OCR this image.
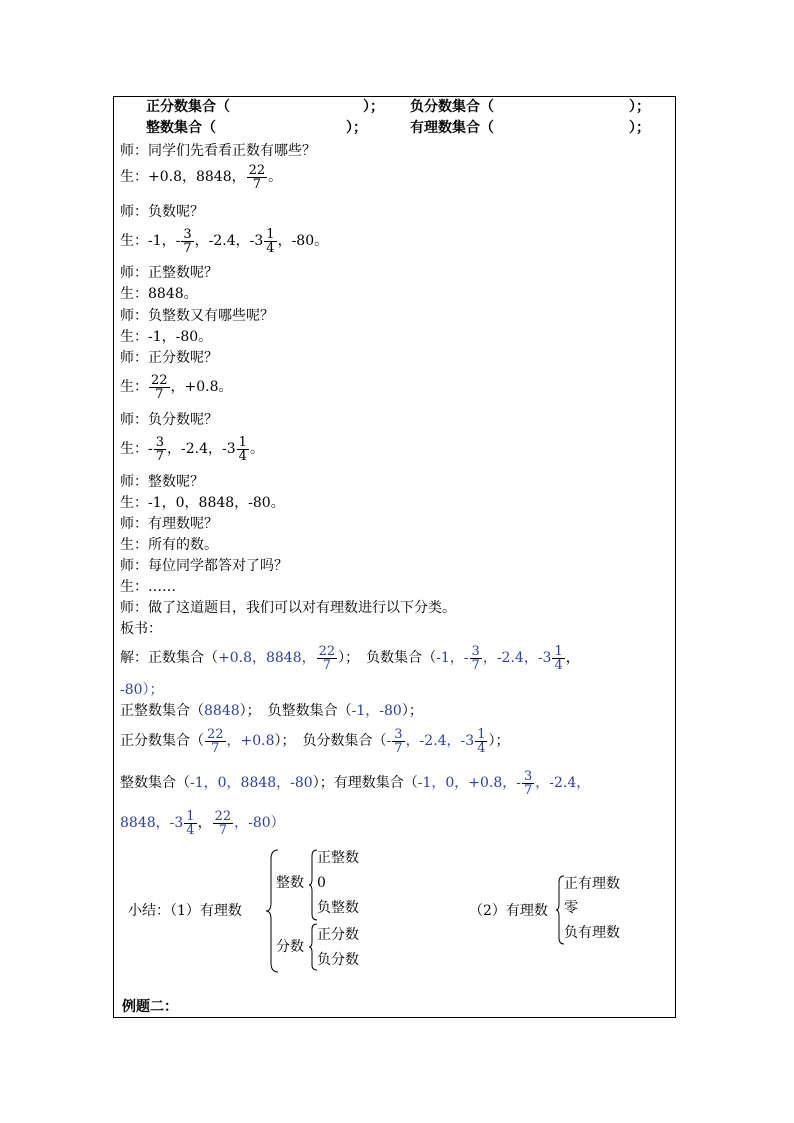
正分数集合（	）； 负分数集合（	）；
整数集合（	）；	有理数集合（	）；
师：同学们先看看正数有哪些？
生：+0.8，8848， $\frac{22}{7}$ 。
师：负数呢？
生：-1，- $\frac{3}{7}$ ，-2.4，$-3 \frac{1}{4}$ ，-80。
师：正整数呢？
生：8848。
师：负整数又有哪些呢？
生：-1，-80。
师：正分数呢？
生： $\frac{22}{7}$ ，+0.8。
师：负分数呢？
生：- $\frac{3}{7}$ ，-2.4，$-3 \frac{1}{4}$ 。
师：整数呢？
生：-1，0，8848，-80。
师：有理数呢？
生：所有的数。
师：每位同学都答对了吗？
生：……
师：做了这道题目，我们可以对有理数进行以下分类。
板书：
解：正数集合（+0.8，8848， $\frac{22}{7}$ ）；　负数集合（-1，- $\frac{3}{7}$ ，-2.4，$-3 \frac{1}{4}$ ，
-80）；
正整数集合（8848）；　负整数集合（-1，-80）；
正分数集合（ $\frac{22}{7}$ ，+0.8）；　负分数集合（- $\frac{3}{7}$ ，-2.4，$-3 \frac{1}{4}$ ）；
整数集合（-1，0，8848，-80）；有理数集合（-1，0，+0.8，- $\frac{3}{7}$ ，-2.4，
8848，$-3 \frac{1}{4}$ ， $\frac{22}{7}$ ，-80）
小结：（1）有理数
整数
正整数
0
负整数
分数
正分数
负分数
（2）有理数
正有理数
零
负有理数
例题二：
